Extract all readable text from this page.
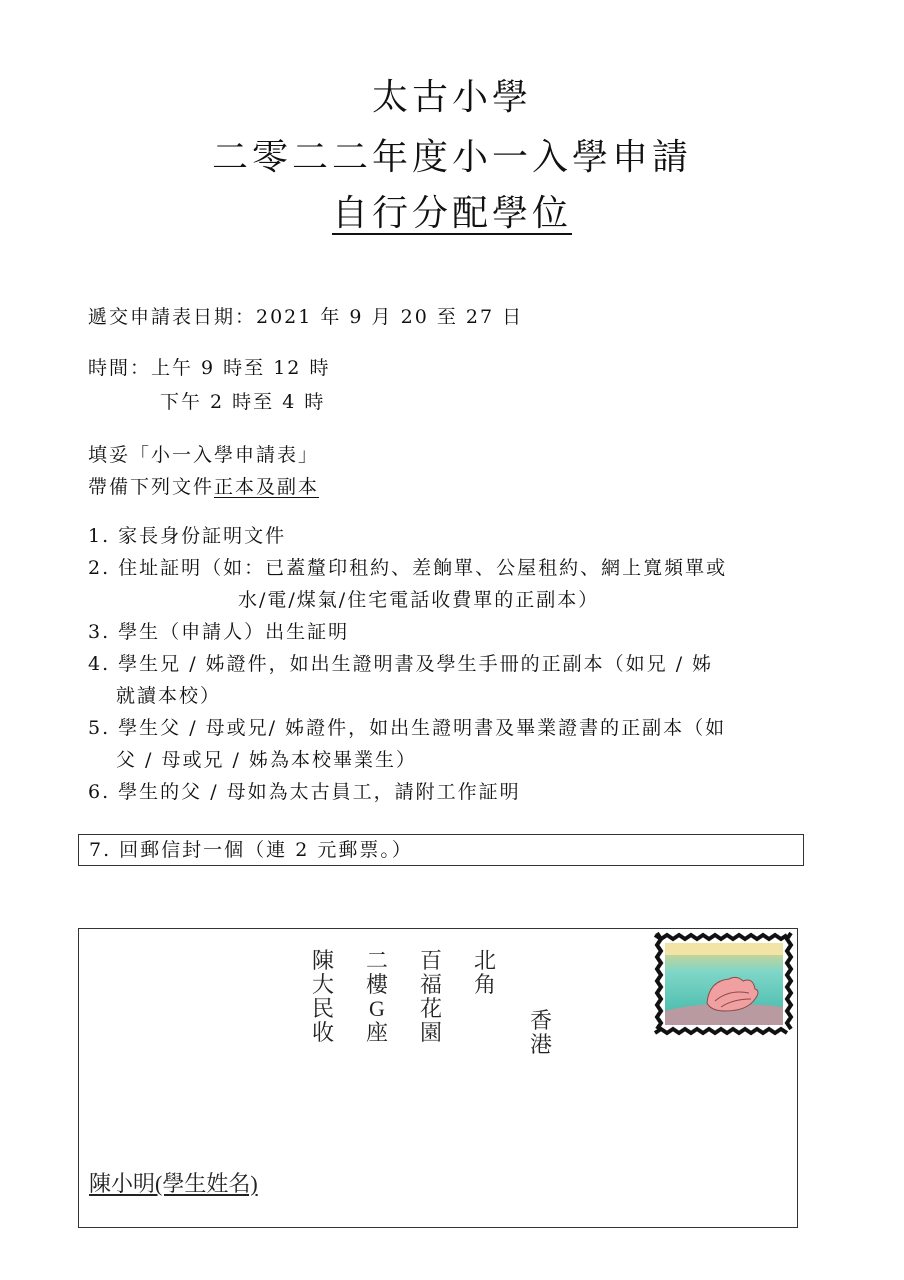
太古小學
二零二二年度小一入學申請
自行分配學位
遞交申請表日期：2021 年 9 月 20 至 27 日
時間：上午 9 時至 12 時
下午 2 時至 4 時
填妥「小一入學申請表」
帶備下列文件正本及副本
1. 家長身份証明文件
2. 住址証明（如：已蓋釐印租約、差餉單、公屋租約、網上寬頻單或
水/電/煤氣/住宅電話收費單的正副本）
3. 學生（申請人）出生証明
4. 學生兄 / 姊證件，如出生證明書及學生手冊的正副本（如兄 / 姊
就讀本校）
5. 學生父 / 母或兄/ 姊證件，如出生證明書及畢業證書的正副本（如
父 / 母或兄 / 姊為本校畢業生）
6. 學生的父 / 母如為太古員工，請附工作証明
7. 回郵信封一個（連 2 元郵票。）
陳大民收
二樓G座
百福花園
北角
香港
陳小明(學生姓名)
